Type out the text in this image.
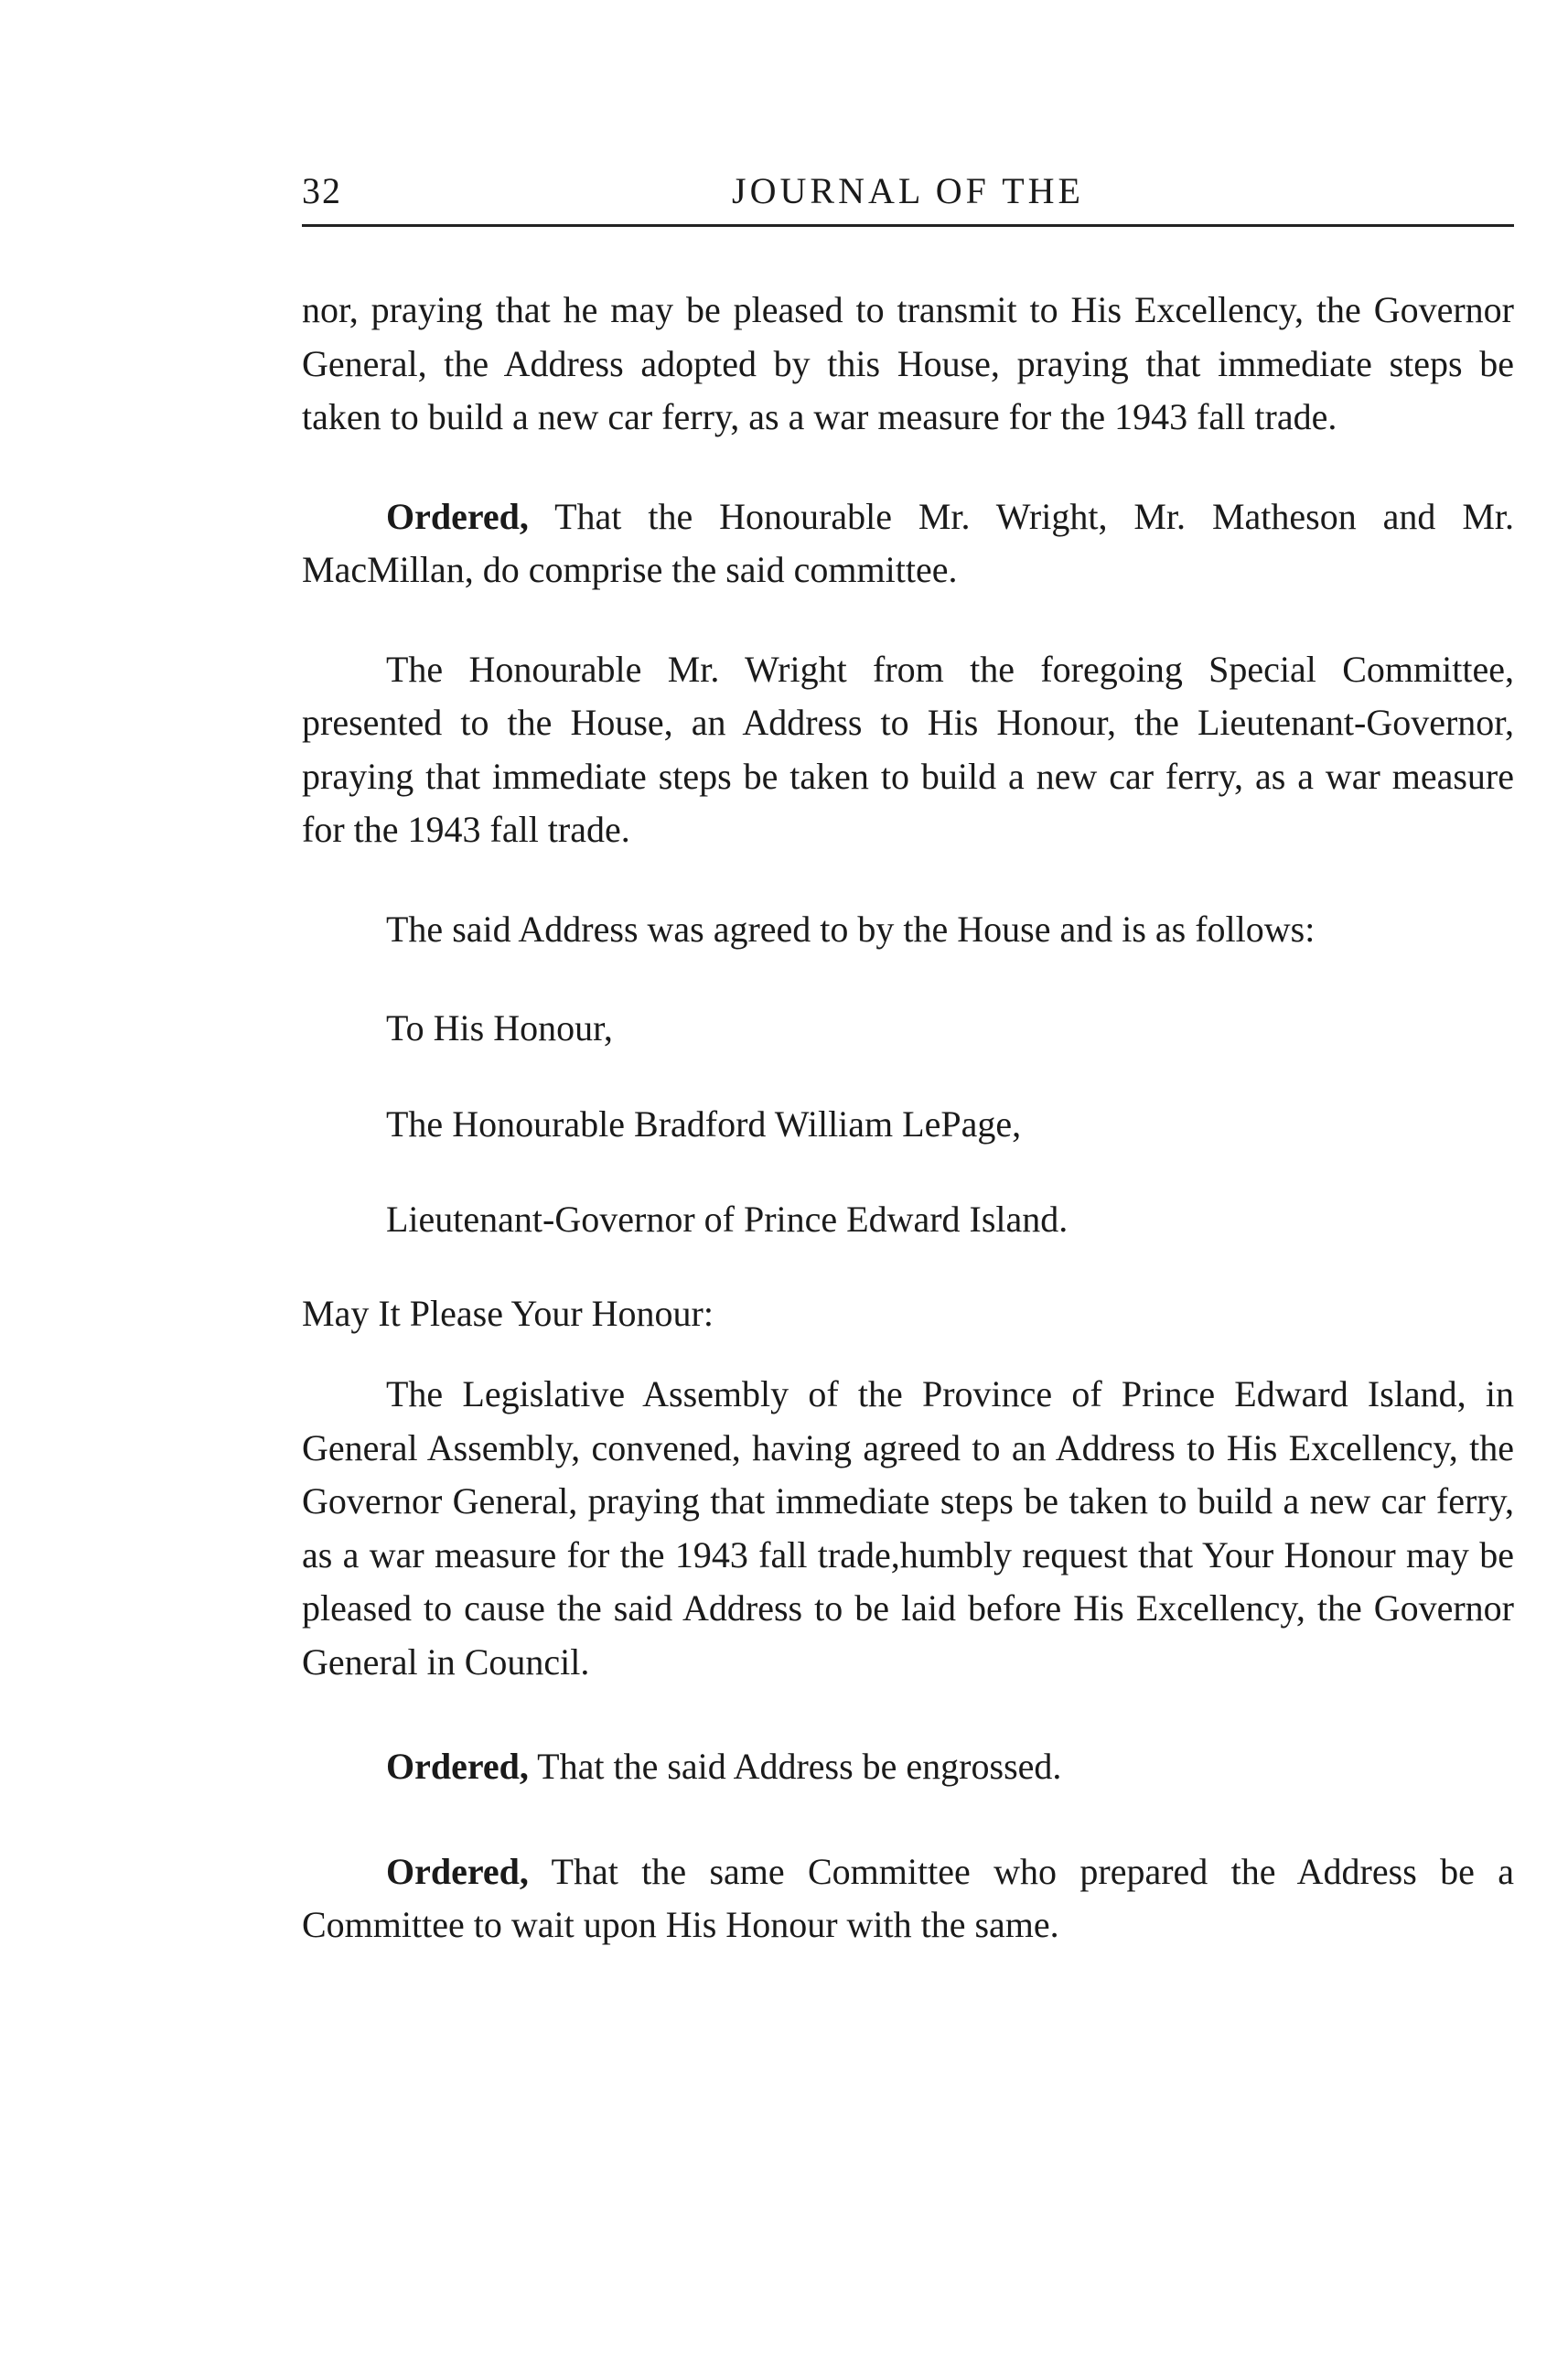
32	JOURNAL OF THE

nor, praying that he may be pleased to transmit to His Excellency, the Governor General, the Address adopted by this House, praying that immediate steps be taken to build a new car ferry, as a war measure for the 1943 fall trade.

Ordered, That the Honourable Mr. Wright, Mr. Matheson and Mr. MacMillan, do comprise the said committee.

The Honourable Mr. Wright from the foregoing Special Committee, presented to the House, an Address to His Honour, the Lieutenant-Governor, praying that immediate steps be taken to build a new car ferry, as a war measure for the 1943 fall trade.

The said Address was agreed to by the House and is as follows:

To His Honour,

The Honourable Bradford William LePage,

Lieutenant-Governor of Prince Edward Island.

May It Please Your Honour:

The Legislative Assembly of the Province of Prince Edward Island, in General Assembly, convened, having agreed to an Address to His Excellency, the Governor General, praying that immediate steps be taken to build a new car ferry, as a war measure for the 1943 fall trade,humbly request that Your Honour may be pleased to cause the said Address to be laid before His Excellency, the Governor General in Council.

Ordered, That the said Address be engrossed.

Ordered, That the same Committee who prepared the Address be a Committee to wait upon His Honour with the same.
